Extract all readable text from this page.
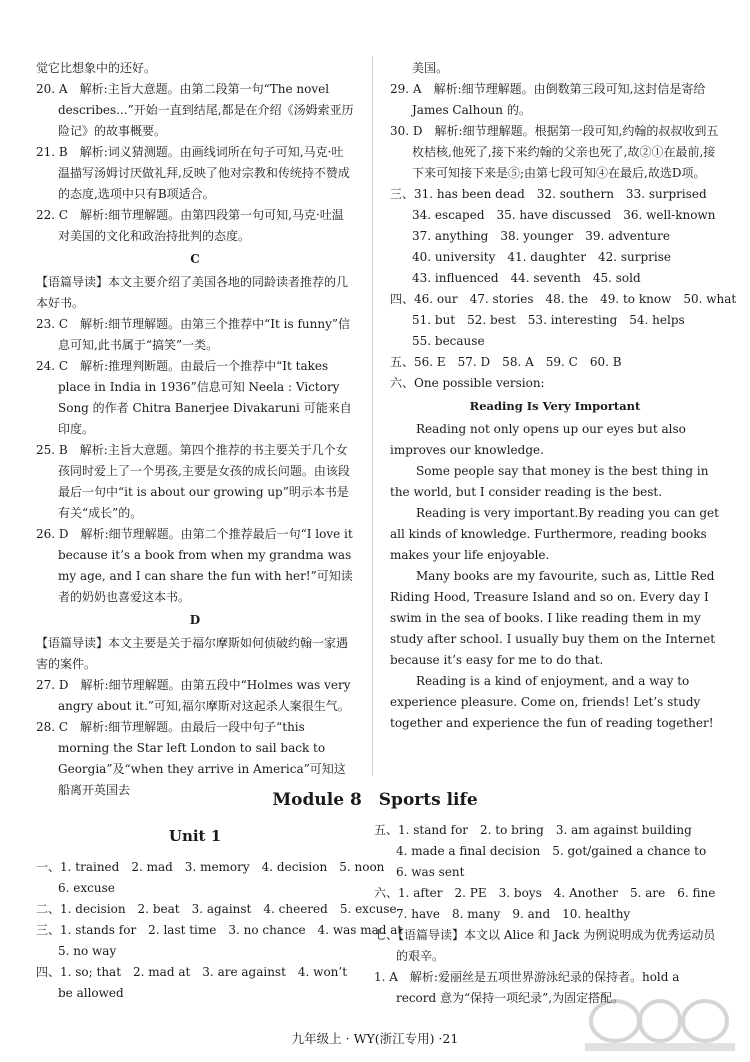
觉它比想象中的还好。

20. A　解析:主旨大意题。由第二段第一句“The novel describes...”开始一直到结尾,都是在介绍《汤姆索亚历险记》的故事概要。

21. B　解析:词义猜测题。由画线词所在句子可知,马克·吐温描写汤姆讨厌做礼拜,反映了他对宗教和传统持不赞成的态度,选项中只有B项适合。

22. C　解析:细节理解题。由第四段第一句可知,马克·吐温对美国的文化和政治持批判的态度。

C

【语篇导读】本文主要介绍了美国各地的同龄读者推荐的几本好书。

23. C　解析:细节理解题。由第三个推荐中“It is funny”信息可知,此书属于“搞笑”一类。

24. C　解析:推理判断题。由最后一个推荐中“It takes place in India in 1936”信息可知 Neela : Victory Song 的作者 Chitra Banerjee Divakaruni 可能来自印度。

25. B　解析:主旨大意题。第四个推荐的书主要关于几个女孩同时爱上了一个男孩,主要是女孩的成长问题。由该段最后一句中“it is about our growing up”明示本书是有关“成长”的。

26. D　解析:细节理解题。由第二个推荐最后一句“I love it because it’s a book from when my grandma was my age, and I can share the fun with her!”可知读者的奶奶也喜爱这本书。

D

【语篇导读】本文主要是关于福尔摩斯如何侦破约翰一家遇害的案件。

27. D　解析:细节理解题。由第五段中“Holmes was very angry about it.”可知,福尔摩斯对这起杀人案很生气。

28. C　解析:细节理解题。由最后一段中句子“this morning the Star left London to sail back to Georgia”及“when they arrive in America”可知这船离开英国去

美国。

29. A　解析:细节理解题。由倒数第三段可知,这封信是寄给 James Calhoun 的。

30. D　解析:细节理解题。根据第一段可知,约翰的叔叔收到五枚桔核,他死了,接下来约翰的父亲也死了,故②①在最前,接下来可知接下来是⑤;由第七段可知④在最后,故选D项。

三、31. has been dead　32. southern　33. surprised

34. escaped　35. have discussed　36. well-known

37. anything　38. younger　39. adventure

40. university　41. daughter　42. surprise

43. influenced　44. seventh　45. sold

四、46. our　47. stories　48. the　49. to know　50. what

51. but　52. best　53. interesting　54. helps

55. because

五、56. E　57. D　58. A　59. C　60. B

六、One possible version:

Reading Is Very Important

Reading not only opens up our eyes but also improves our knowledge.

Some people say that money is the best thing in the world, but I consider reading is the best.

Reading is very important.By reading you can get all kinds of knowledge. Furthermore, reading books makes your life enjoyable.

Many books are my favourite, such as, Little Red Riding Hood, Treasure Island and so on. Every day I swim in the sea of books. I like reading them in my study after school. I usually buy them on the Internet because it’s easy for me to do that.

Reading is a kind of enjoyment, and a way to experience pleasure. Come on, friends! Let’s study together and experience the fun of reading together!

Module 8　Sports life

Unit 1

一、1. trained　2. mad　3. memory　4. decision　5. noon

6. excuse

二、1. decision　2. beat　3. against　4. cheered　5. excuse

三、1. stands for　2. last time　3. no chance　4. was mad at

5. no way

四、1. so; that　2. mad at　3. are against　4. won’t

be allowed

五、1. stand for　2. to bring　3. am against building

4. made a final decision　5. got/gained a chance to

6. was sent

六、1. after　2. PE　3. boys　4. Another　5. are　6. fine

7. have　8. many　9. and　10. healthy

七、【语篇导读】本文以 Alice 和 Jack 为例说明成为优秀运动员的艰辛。

1. A　解析:爱丽丝是五项世界游泳纪录的保持者。hold a record 意为“保持一项纪录”,为固定搭配。

九年级上 · WY(浙江专用) ·21
